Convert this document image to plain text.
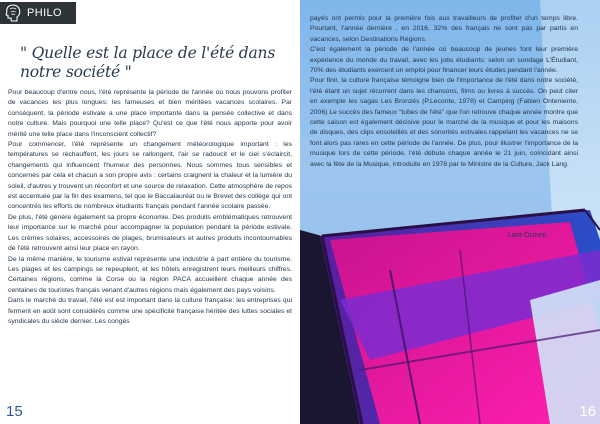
PHILO
" Quelle est la place de l'été dans
notre société "

Pour beaucoup d'entre nous, l'été représente la période de l'année où nous pouvons profiter de vacances les plus longues: les fameuses et bien méritées vacances scolaires. Par conséquent, la période estivale a une place importante dans la pensée collective et dans notre culture. Mais pourquoi une telle place? Qu'est ce que l'été nous apporte pour avoir mérité une telle place dans l'inconscient collectif?

Pour commencer, l'été représente un changement météorologique important : les températures se réchauffent, les jours se rallongent, l'air se radoucit et le ciel s'éclaircit, changements qui influencent l'humeur des personnes. Nous sommes tous sensibles et concernés par cela et chacun a son propre avis : certains craignent la chaleur et la lumière du soleil, d'autres y trouvent un réconfort et une source de relaxation. Cette atmosphère de repos est accentuée par la fin des examens, tel que le Baccalauréat ou le Brevet des collège qui ont concentrés les efforts de nombreux étudiants français pendant l'année scolaire passée.

De plus, l'été génère également sa propre économie. Des produits emblématiques retrouvent leur importance sur le marché pour accompagner la population pendant la période estivale. Les crèmes solaires, accessoires de plages, brumisateurs et autres produits incontournables de l'été retrouvent ainsi leur place en rayon.

De la même manière, le tourisme estival représente une industrie à part entière du tourisme. Les plages et les campings se repeuplent, et les hôtels enregistrent leurs meilleurs chiffres. Certaines régions, comme la Corse ou la région PACA accueillent chaque année des centaines de touristes français venant d'autres régions mais également des pays voisins.

Dans le marché du travail, l'été est est important dans la culture française: les entreprises qui ferment en août sont considérés comme une spécificité française héritée des luttes sociales et syndicales du siècle dernier. Les congés

15

payés ont permis pour la première fois aux travailleurs de profiter d'un temps libre. Pourtant, l'année dernière , en 2016, 32% des français ne sont pas par partis en vacances, selon Destinations Régions.

C'est également la période de l'année où beaucoup de jeunes font leur première expérience du monde du travail, avec les jobs étudiants: selon un sondage L'Étudiant, 70% des étudiants exercent un emploi pour financer leurs études pendant l'année.

Pour finir, la culture française témoigne bien de l'importance de l'été dans notre société, l'été étant un sujet récurrent dans les chansons, films ou livres à succès. On peut citer en exemple les sagas Les Bronzés (P.Leconte, 1978) et Camping (Fabien Onteniente, 2006) Le succès des fameux "tubes de l'été" que l'on retrouve chaque année montre que cette saison est également décisive pour le marché de la musique et pour les maisons de disques, des clips ensoleillés et des sonorités estivales rappelant les vacances ne se font alors pas rares en cette période de l'année. De plus, pour illustrer l'importance de la musique lors de cette période, l'été débute chaque année le 21 juin, coïncidant ainsi avec la fête de la Musique, introduite en 1978 par le Ministre de la Culture, Jack Lang.

Lara Özmen
16
